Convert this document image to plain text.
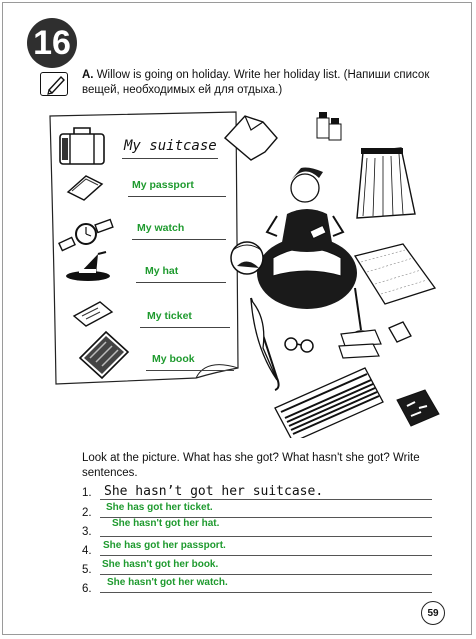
16
A. Willow is going on holiday. Write her holiday list. (Напиши список вещей, необходимых ей для отдыха.)
My suitcase
My passport
My watch
My hat
My ticket
My book
Look at the picture. What has she got? What hasn't she got? Write sentences.
1. She hasn’t got her suitcase.
2. She has got her ticket.
3.
She hasn't got her hat.
4. She has got her passport.
5. She hasn't got her book.
6.
She hasn't got her watch.
59
